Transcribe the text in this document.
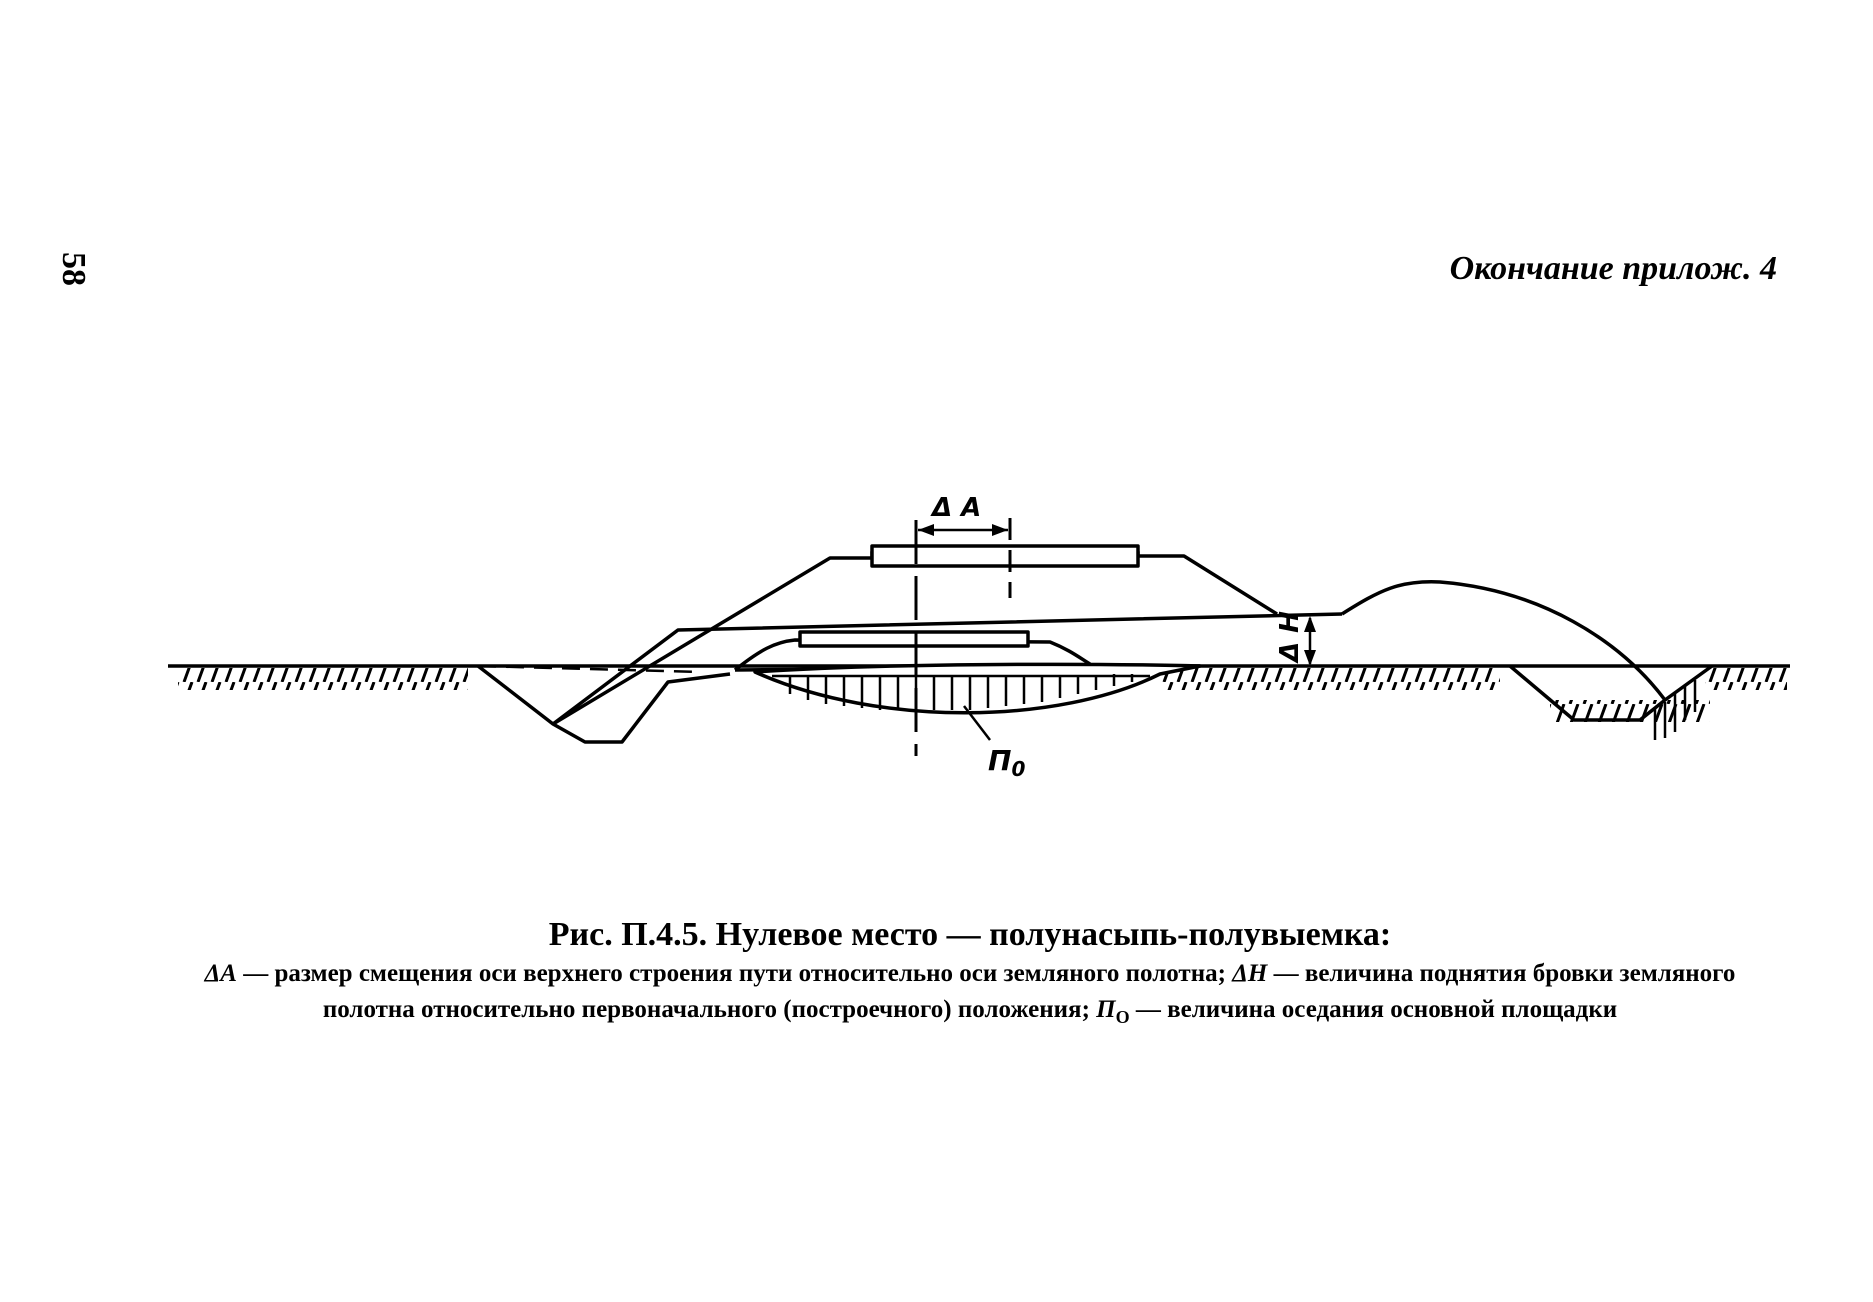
58	Окончание прилож. 4
Δ A
Δ H
$П_0$
Рис. П.4.5. Нулевое место — полунасыпь-полувыемка:
ΔA — размер смещения оси верхнего строения пути относительно оси земляного полотна; ΔH — величина поднятия бровки земляного полотна относительно первоначального (построечного) положения; $П_О$ — величина оседания основной площадки
